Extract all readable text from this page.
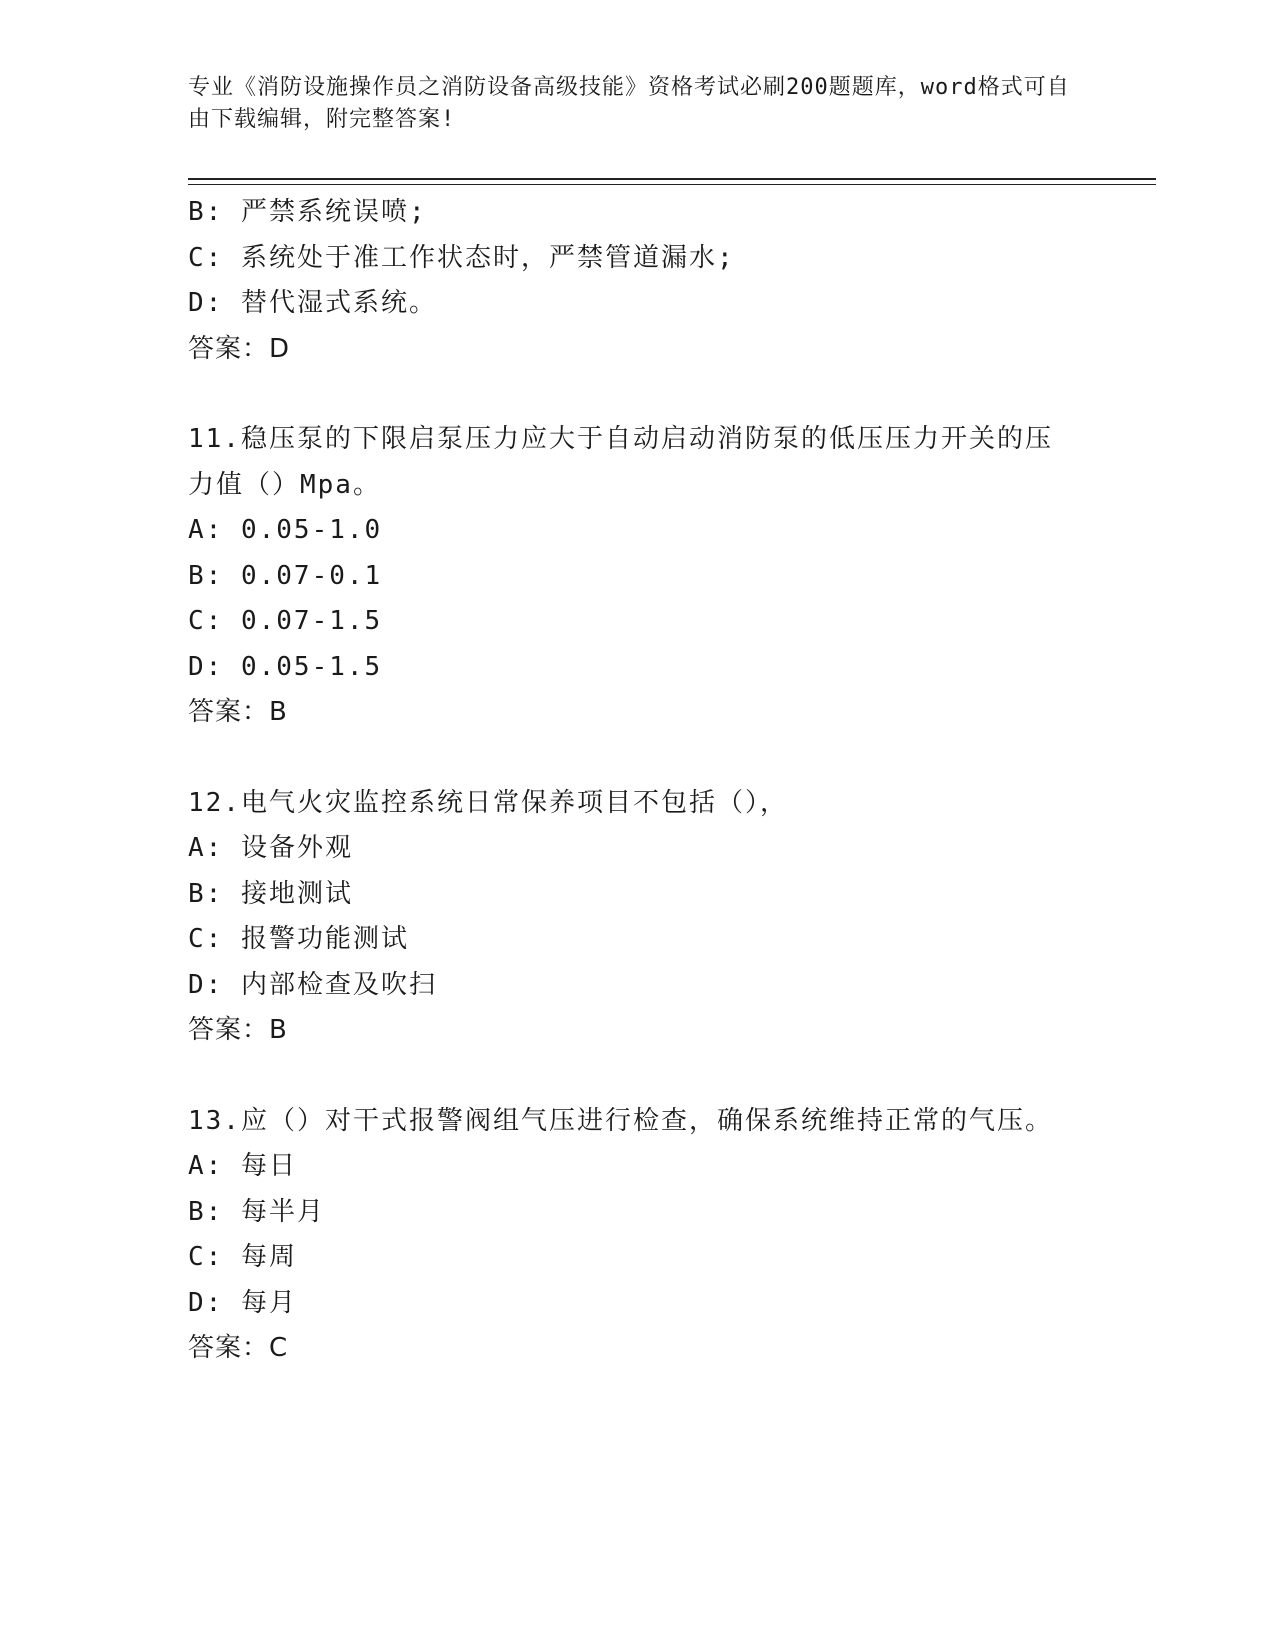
专业《消防设施操作员之消防设备高级技能》资格考试必刷200题题库，word格式可自由下载编辑，附完整答案!
B: 严禁系统误喷;
C: 系统处于准工作状态时，严禁管道漏水;
D: 替代湿式系统。
答案：D
11.稳压泵的下限启泵压力应大于自动启动消防泵的低压压力开关的压力值（）Mpa。
A: 0.05-1.0
B: 0.07-0.1
C: 0.07-1.5
D: 0.05-1.5
答案：B
12.电气火灾监控系统日常保养项目不包括（），
A: 设备外观
B: 接地测试
C: 报警功能测试
D: 内部检查及吹扫
答案：B
13.应（）对干式报警阀组气压进行检查，确保系统维持正常的气压。
A: 每日
B: 每半月
C: 每周
D: 每月
答案：C
